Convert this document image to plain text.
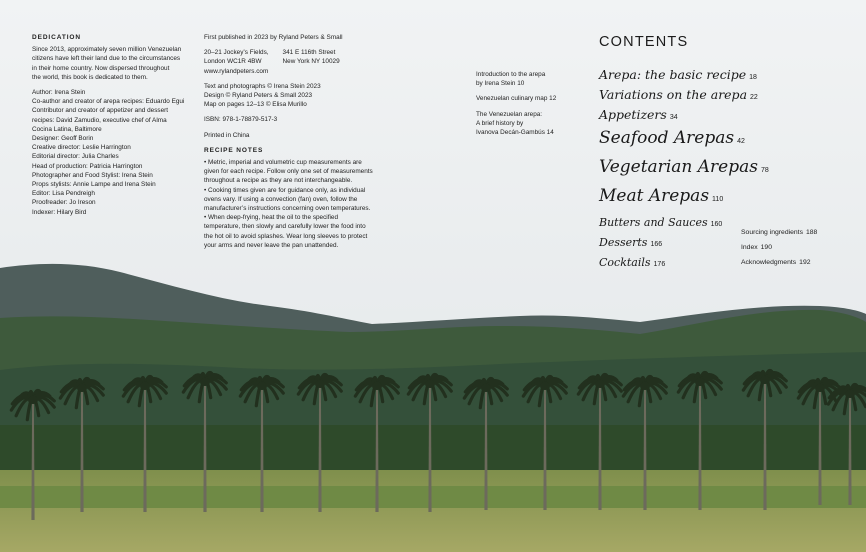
DEDICATION

Since 2013, approximately seven million Venezuelan

citizens have left their land due to the circumstances

in their home country. Now dispersed throughout

the world, this book is dedicated to them.

Author: Irena Stein

Co-author and creator of arepa recipes: Eduardo Egui

Contributor and creator of appetizer and dessert

recipes: David Zamudio, executive chef of Alma

Cocina Latina, Baltimore

Designer: Geoff Borin

Creative director: Leslie Harrington

Editorial director: Julia Charles

Head of production: Patricia Harrington

Photographer and Food Stylist: Irena Stein

Props stylists: Annie Lampe and Irena Stein

Editor: Lisa Pendreigh

Proofreader: Jo Ireson

Indexer: Hilary Bird

First published in 2023 by Ryland Peters & Small

20–21 Jockey’s Fields,

London WC1R 4BW

341 E 116th Street

New York NY 10029

www.rylandpeters.com

Text and photographs © Irena Stein 2023

Design © Ryland Peters & Small 2023

Map on pages 12–13 © Elisa Murillo

ISBN: 978-1-78879-517-3

Printed in China

RECIPE NOTES

• Metric, imperial and volumetric cup measurements are

given for each recipe. Follow only one set of measurements

throughout a recipe as they are not interchangeable.

• Cooking times given are for guidance only, as individual

ovens vary. If using a convection (fan) oven, follow the

manufacturer’s instructions concerning oven temperatures.

• When deep-frying, heat the oil to the specified

temperature, then slowly and carefully lower the food into

the hot oil to avoid splashes. Wear long sleeves to protect

your arms and never leave the pan unattended.

Introduction to the arepa

by Irena Stein 10

Venezuelan culinary map 12

The Venezuelan arepa:

A brief history by

Ivanova Decán-Gambús 14

CONTENTS
Arepa: the basic recipe 18
Variations on the arepa 22
Appetizers 34
Seafood Arepas 42
Vegetarian Arepas 78
Meat Arepas 110
Butters and Sauces 160
Desserts 166
Cocktails 176
Sourcing ingredients 188
Index 190
Acknowledgments 192
